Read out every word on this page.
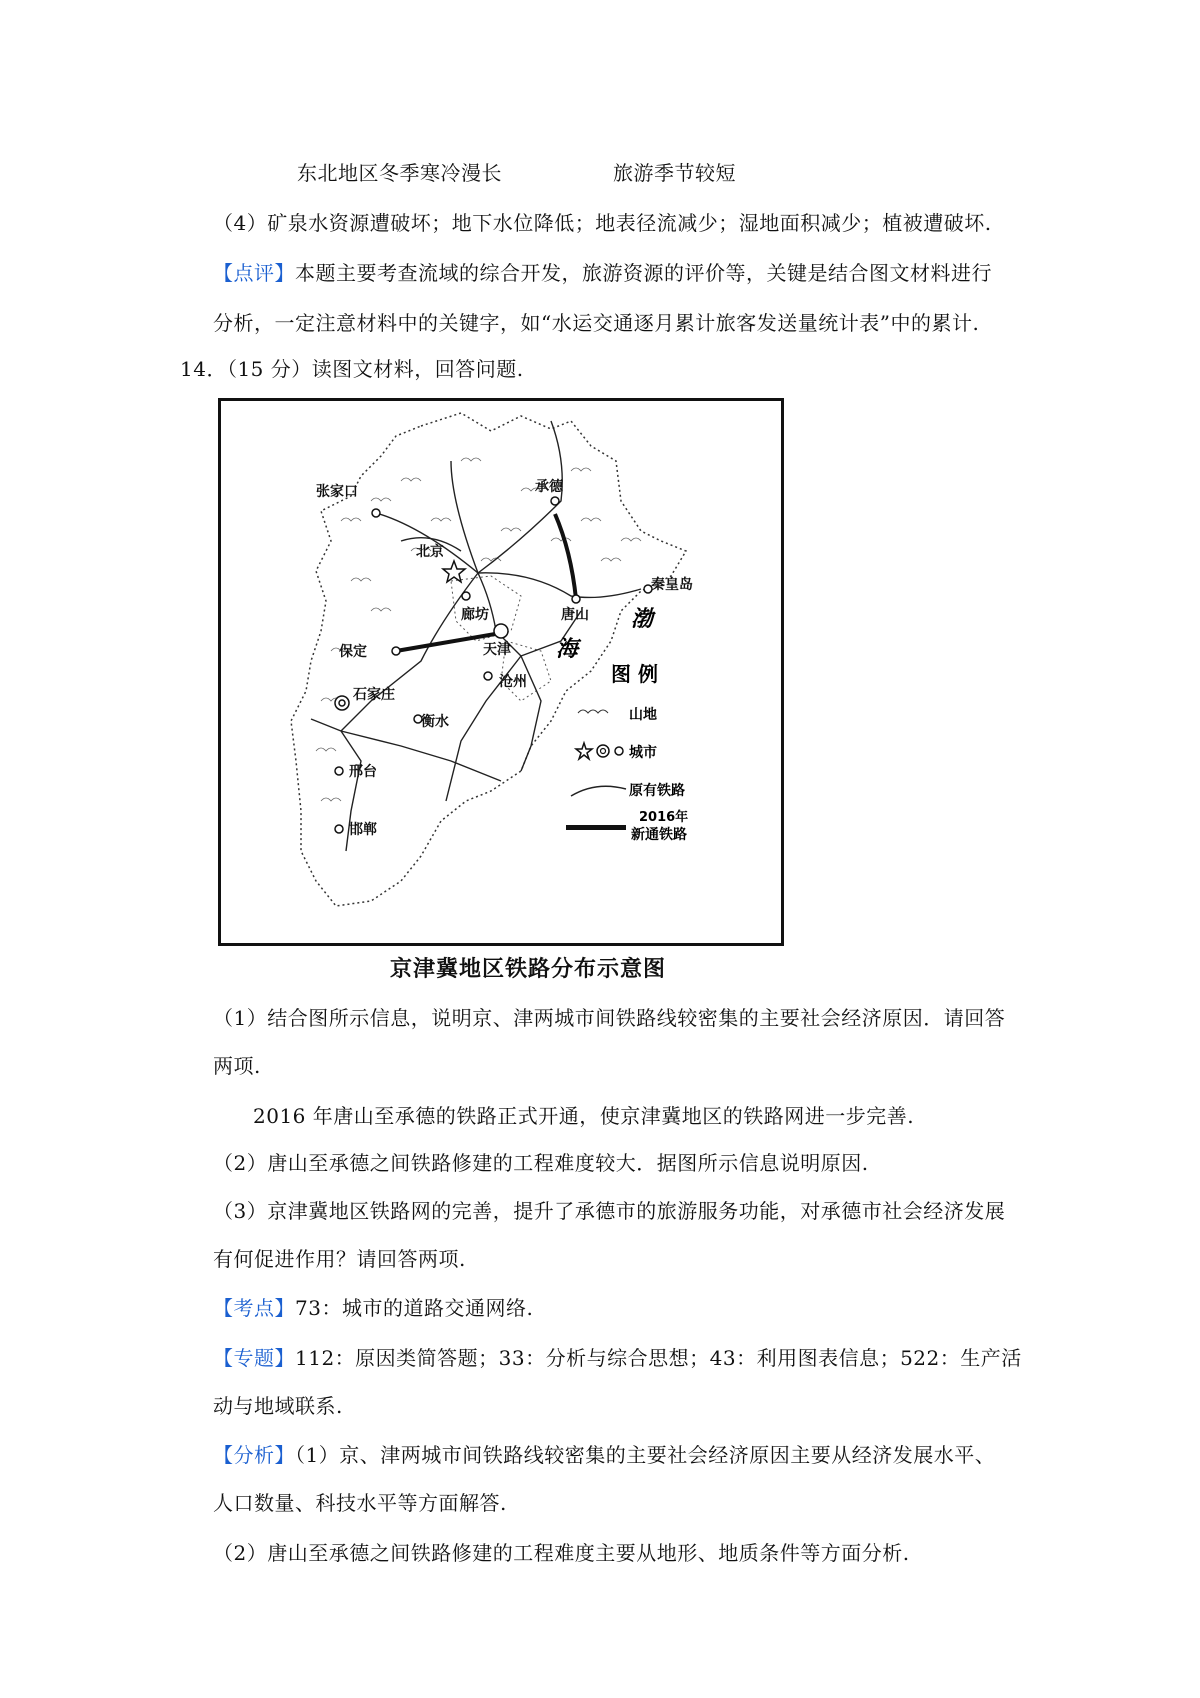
东北地区冬季寒冷漫长	旅游季节较短
（4）矿泉水资源遭破坏；地下水位降低；地表径流减少；湿地面积减少；植被遭破坏.
【点评】本题主要考查流域的综合开发，旅游资源的评价等，关键是结合图文材料进行
分析，一定注意材料中的关键字，如“水运交通逐月累计旅客发送量统计表”中的累计.
14．（15 分）读图文材料，回答问题.
张家口	承德
北京
廊坊	唐山
秦皇岛
保定	天津
石家庄
沧州
衡水
邢台
邯郸
渤
海
图 例
山地
城市
原有铁路
2016年
新通铁路
京津冀地区铁路分布示意图
（1）结合图所示信息，说明京、津两城市间铁路线较密集的主要社会经济原因．请回答
两项.
2016 年唐山至承德的铁路正式开通，使京津冀地区的铁路网进一步完善.
（2）唐山至承德之间铁路修建的工程难度较大．据图所示信息说明原因.
（3）京津冀地区铁路网的完善，提升了承德市的旅游服务功能，对承德市社会经济发展
有何促进作用？请回答两项.
【考点】73：城市的道路交通网络.
【专题】112：原因类简答题；33：分析与综合思想；43：利用图表信息；522：生产活
动与地域联系.
【分析】（1）京、津两城市间铁路线较密集的主要社会经济原因主要从经济发展水平、
人口数量、科技水平等方面解答.
（2）唐山至承德之间铁路修建的工程难度主要从地形、地质条件等方面分析.
